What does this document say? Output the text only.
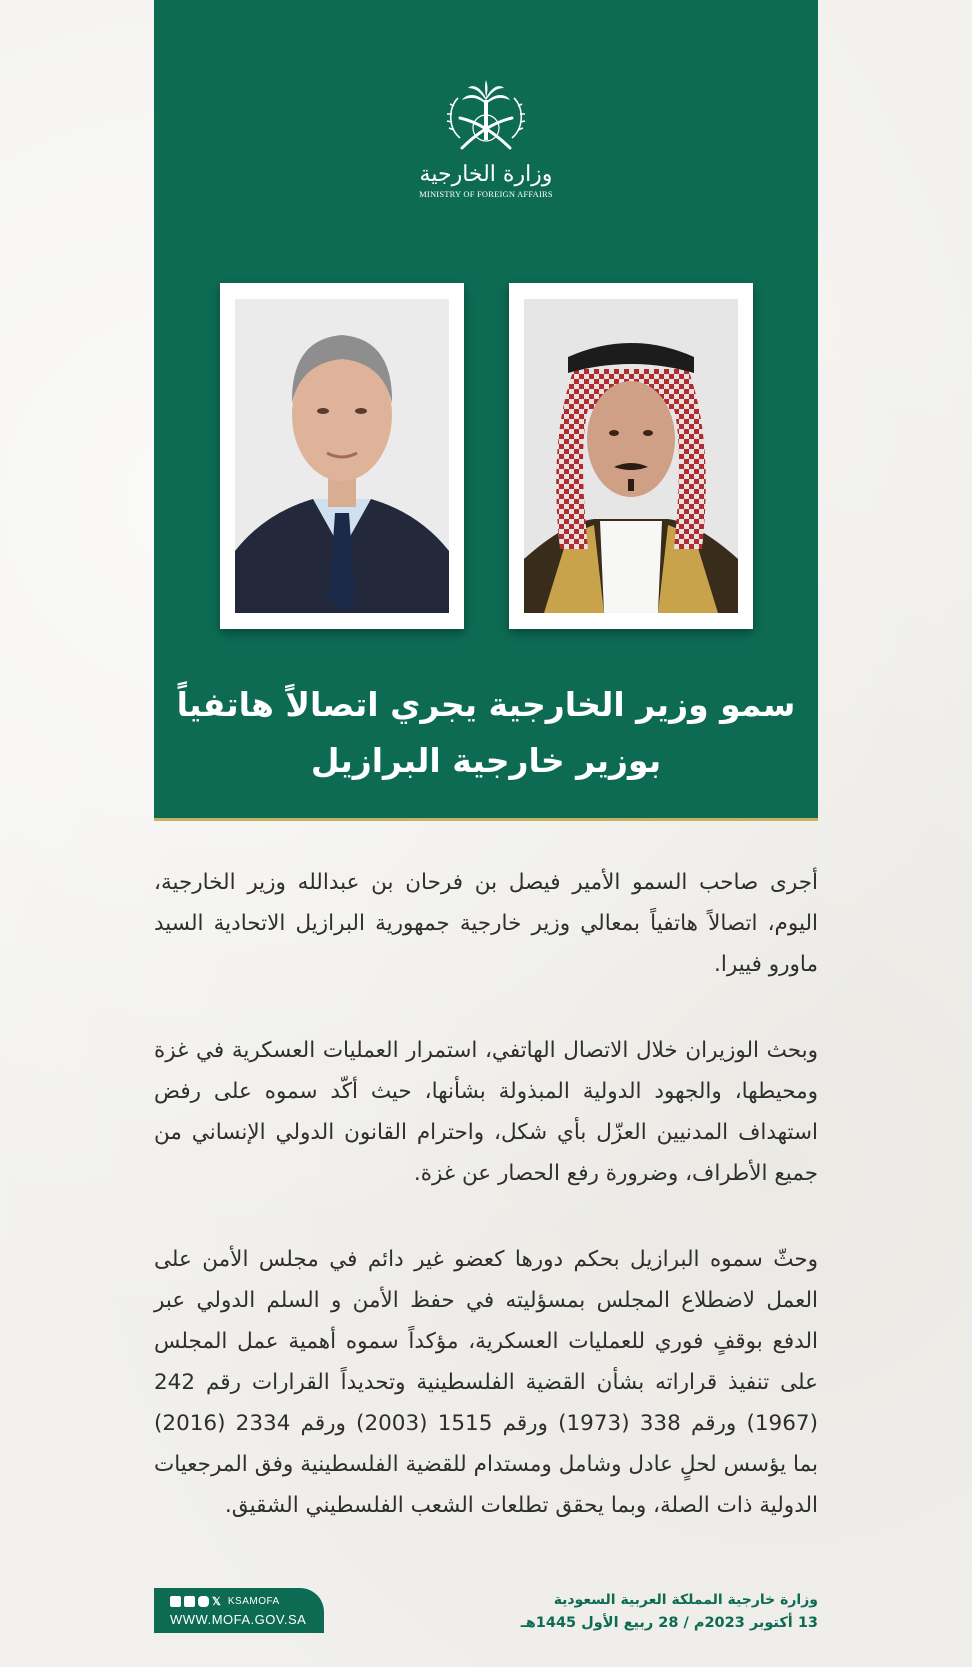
وزارة الخارجية
MINISTRY OF FOREIGN AFFAIRS
سمو وزير الخارجية يجري اتصالاً هاتفياً
بوزير خارجية البرازيل

أجرى صاحب السمو الأمير فيصل بن فرحان بن عبدالله وزير الخارجية، اليوم، اتصالاً هاتفياً بمعالي وزير خارجية جمهورية البرازيل الاتحادية السيد ماورو فييرا.

وبحث الوزيران خلال الاتصال الهاتفي، استمرار العمليات العسكرية في غزة ومحيطها، والجهود الدولية المبذولة بشأنها، حيث أكّد سموه على رفض استهداف المدنيين العزّل بأي شكل، واحترام القانون الدولي الإنساني من جميع الأطراف، وضرورة رفع الحصار عن غزة.

وحثّ سموه البرازيل بحكم دورها كعضو غير دائم في مجلس الأمن على العمل لاضطلاع المجلس بمسؤليته في حفظ الأمن و السلم الدولي عبر الدفع بوقفٍ فوري للعمليات العسكرية، مؤكداً سموه أهمية عمل المجلس على تنفيذ قراراته بشأن القضية الفلسطينية وتحديداً القرارات رقم 242 (1967) ورقم 338 (1973) ورقم 1515 (2003) ورقم 2334 (2016) بما يؤسس لحلٍ عادل وشامل ومستدام للقضية الفلسطينية وفق المرجعيات الدولية ذات الصلة، وبما يحقق تطلعات الشعب الفلسطيني الشقيق.

𝕏 KSAMOFA
WWW.MOFA.GOV.SA
وزارة خارجية المملكة العربية السعودية
13 أكتوبر 2023م / 28 ربيع الأول 1445هـ
